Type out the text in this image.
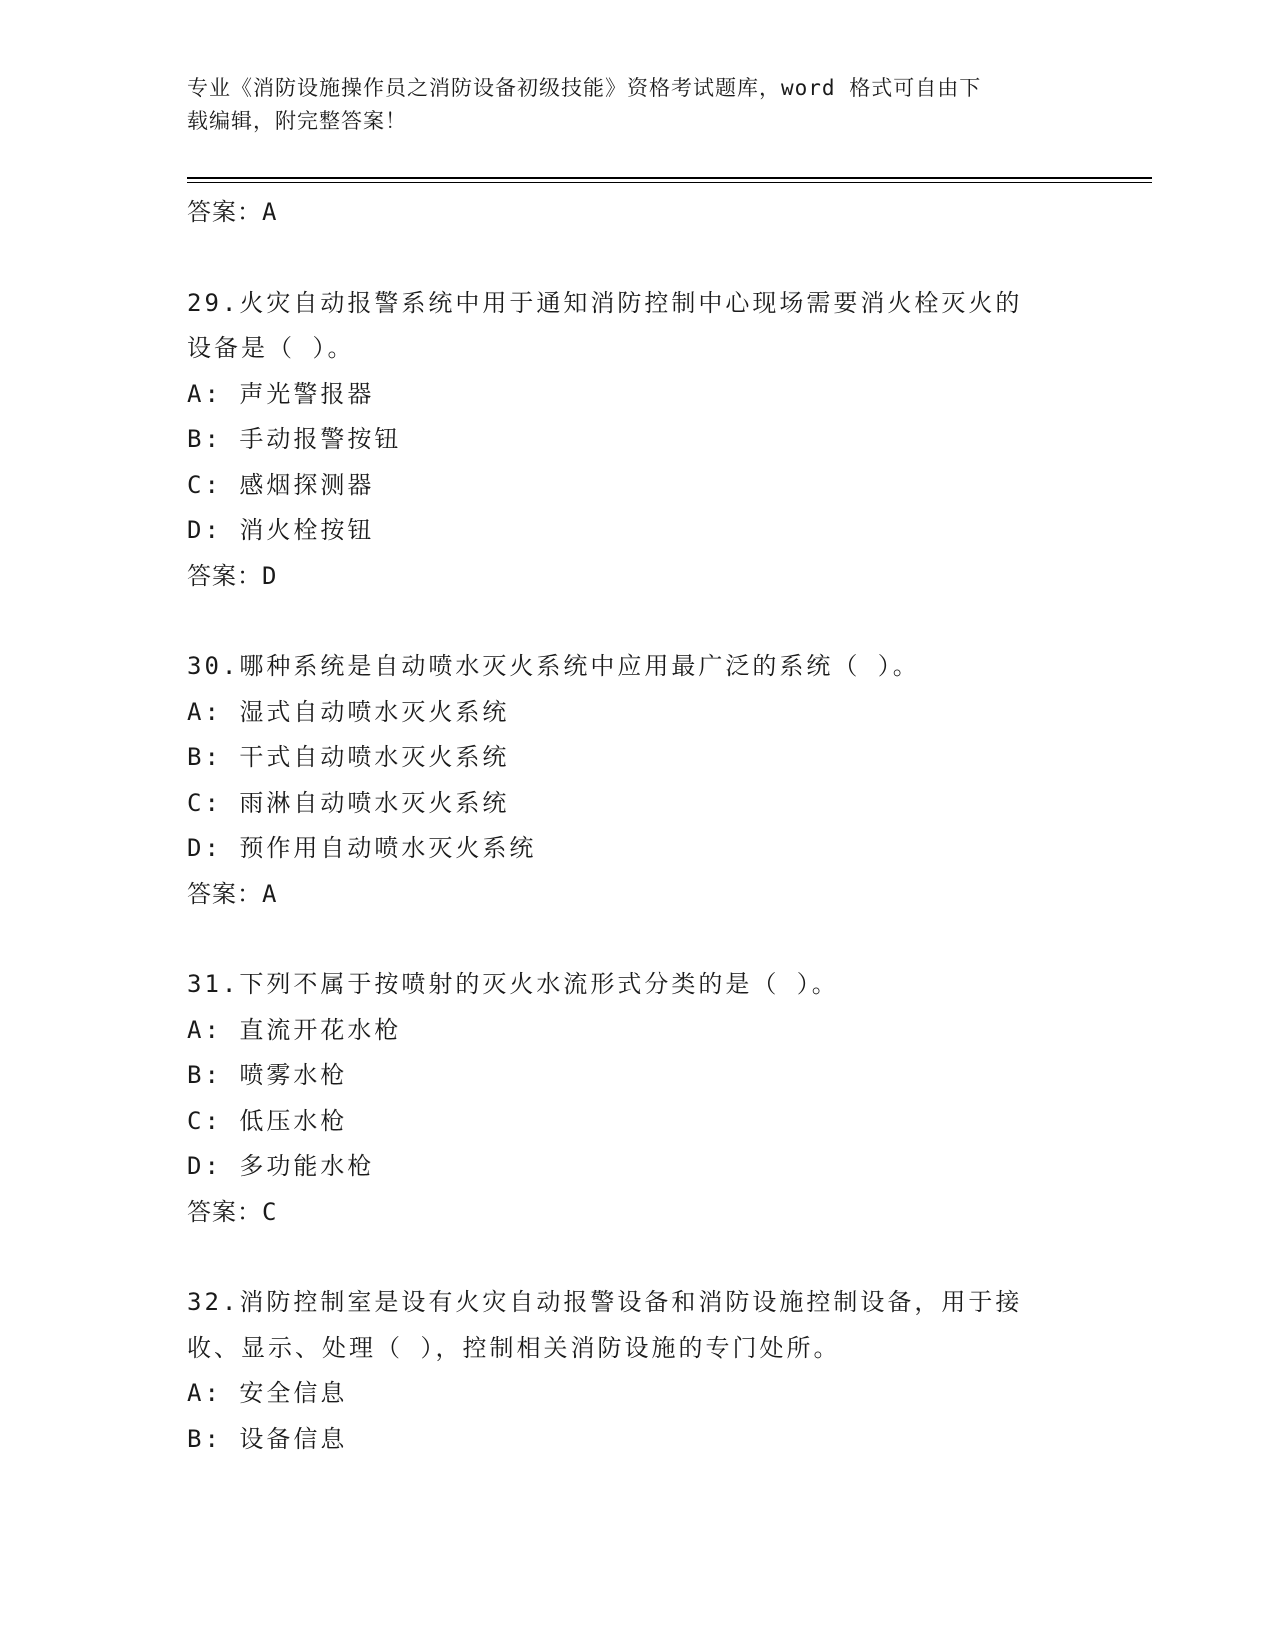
专业《消防设施操作员之消防设备初级技能》资格考试题库，word 格式可自由下
载编辑，附完整答案！
答案：A
29.火灾自动报警系统中用于通知消防控制中心现场需要消火栓灭火的
设备是（ ）。
A: 声光警报器
B: 手动报警按钮
C: 感烟探测器
D: 消火栓按钮
答案：D
30.哪种系统是自动喷水灭火系统中应用最广泛的系统（ ）。
A: 湿式自动喷水灭火系统
B: 干式自动喷水灭火系统
C: 雨淋自动喷水灭火系统
D: 预作用自动喷水灭火系统
答案：A
31.下列不属于按喷射的灭火水流形式分类的是（ ）。
A: 直流开花水枪
B: 喷雾水枪
C: 低压水枪
D: 多功能水枪
答案：C
32.消防控制室是设有火灾自动报警设备和消防设施控制设备，用于接
收、显示、处理（ ），控制相关消防设施的专门处所。
A: 安全信息
B: 设备信息
